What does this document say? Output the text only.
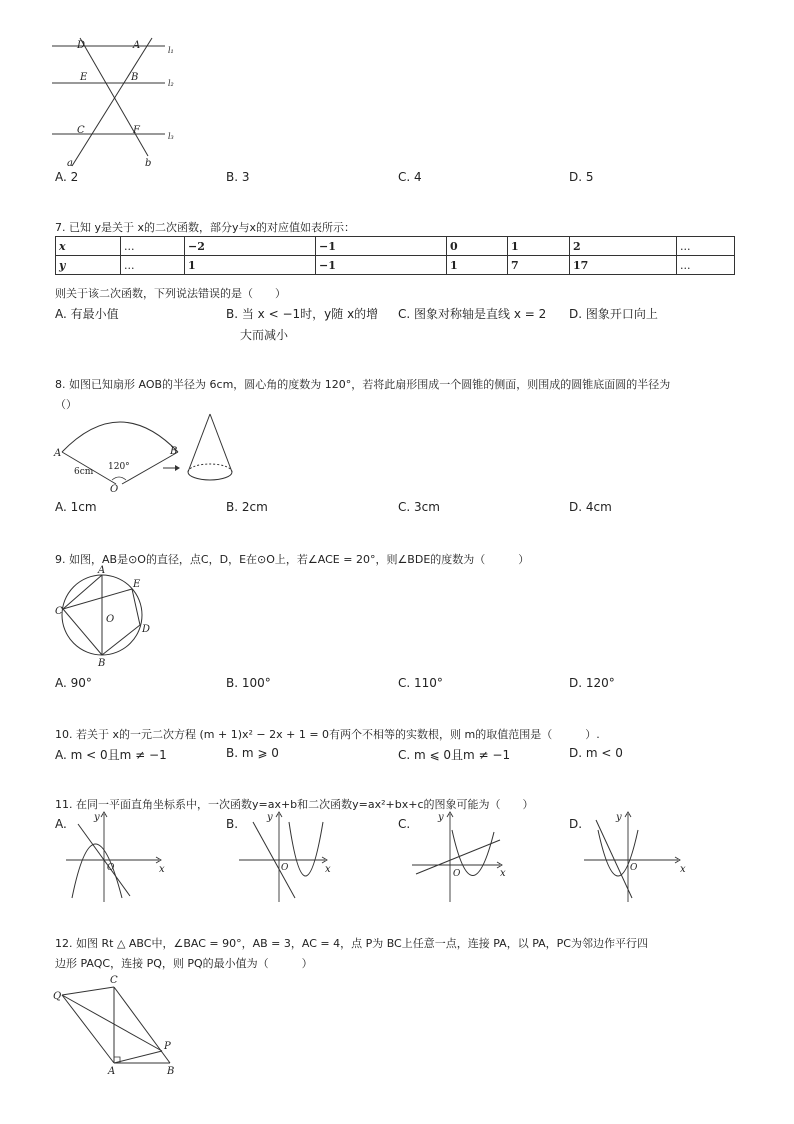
D	A	l₁
E	B
l₂
C	F
l₃
a	b
A. 2	B. 3	C. 4	D. 5
7. 已知 y是关于 x的二次函数，部分y与x的对应值如表所示：
x	...	−2	−1	0	1	2	...
y	...	1	−1	1	7	17	...
则关于该二次函数，下列说法错误的是（　　）
A. 有最小值	B. 当 x < −1时，y随 x的增
大而减小
C. 图象对称轴是直线 x = 2 D. 图象开口向上
8. 如图已知扇形 AOB的半径为 6cm，圆心角的度数为 120°，若将此扇形围成一个圆锥的侧面，则围成的圆锥底面圆的半径为
（）
A	B
O
6cm 120°
A. 1cm	B. 2cm	C. 3cm	D. 4cm
9. 如图，AB是⊙O的直径，点C，D，E在⊙O上，若∠ACE = 20°，则∠BDE的度数为（　　　）
A
B
C
D
E
O
A. 90°	B. 100°	C. 110°	D. 120°
10. 若关于 x的一元二次方程 (m + 1)x² − 2x + 1 = 0有两个不相等的实数根，则 m的取值范围是（　　　）.
A. m < 0且m ≠ −1	B. m ⩾ 0	C. m ⩽ 0且m ≠ −1	D. m < 0
11. 在同一平面直角坐标系中，一次函数y=ax+b和二次函数y=ax²+bx+c的图象可能为（　　）
A.	B.	C.	D.
y
x
O
y
x
O
y
x
O
y
x
O
12. 如图 Rt △ ABC中，∠BAC = 90°，AB = 3，AC = 4，点 P为 BC上任意一点，连接 PA，以 PA，PC为邻边作平行四
边形 PAQC，连接 PQ，则 PQ的最小值为（　　　）
Q
C
P
A	B
